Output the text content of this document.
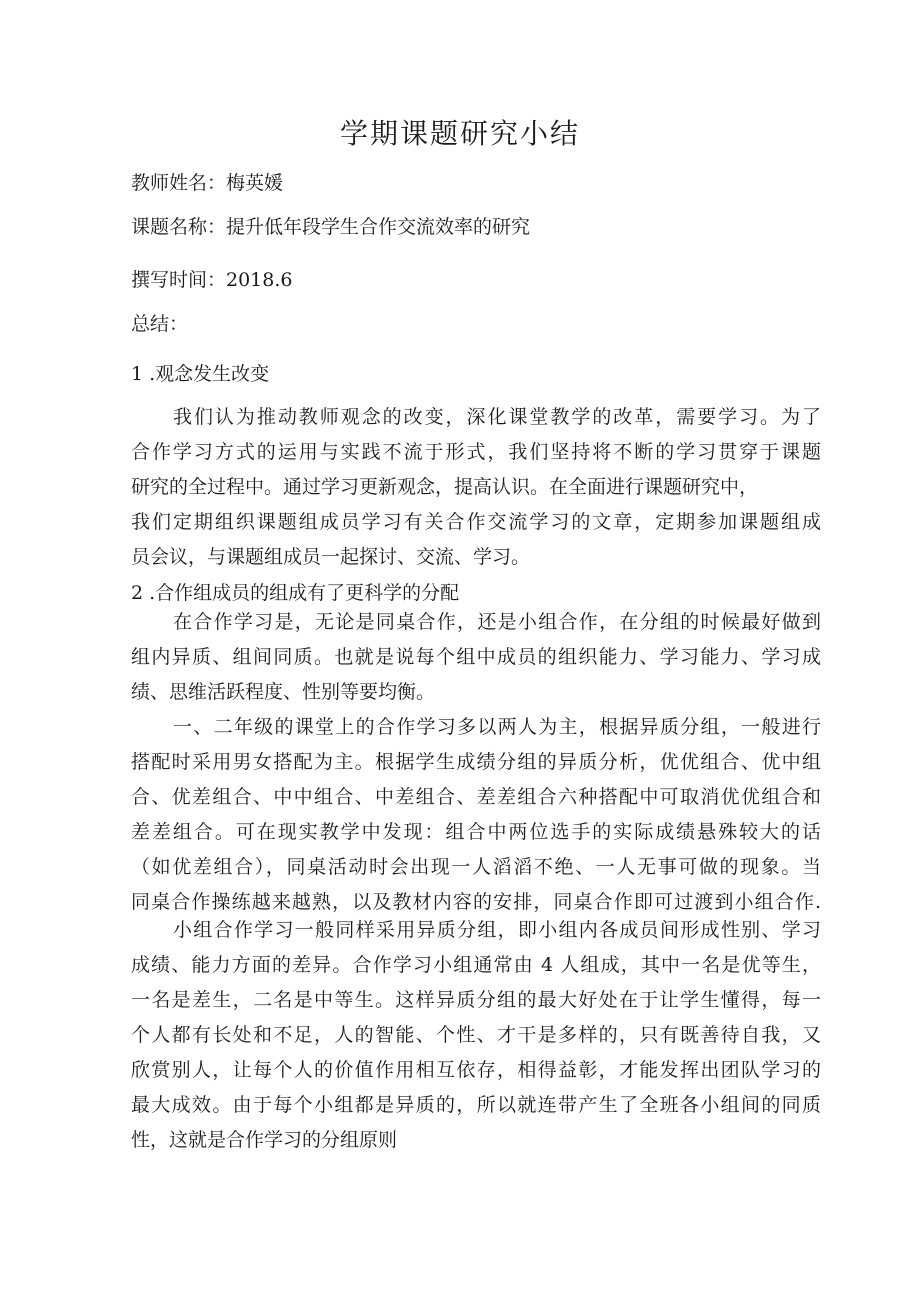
学期课题研究小结

教师姓名：梅英媛

课题名称：提升低年段学生合作交流效率的研究

撰写时间：2018.6

总结：

1 .观念发生改变

我们认为推动教师观念的改变，深化课堂教学的改革，需要学习。为了
合作学习方式的运用与实践不流于形式，我们坚持将不断的学习贯穿于课题
研究的全过程中。通过学习更新观念，提高认识。在全面进行课题研究中，
我们定期组织课题组成员学习有关合作交流学习的文章，定期参加课题组成
员会议，与课题组成员一起探讨、交流、学习。

2 .合作组成员的组成有了更科学的分配

在合作学习是，无论是同桌合作，还是小组合作，在分组的时候最好做到
组内异质、组间同质。也就是说每个组中成员的组织能力、学习能力、学习成
绩、思维活跃程度、性别等要均衡。
一、二年级的课堂上的合作学习多以两人为主，根据异质分组，一般进行
搭配时采用男女搭配为主。根据学生成绩分组的异质分析，优优组合、优中组
合、优差组合、中中组合、中差组合、差差组合六种搭配中可取消优优组合和
差差组合。可在现实教学中发现：组合中两位选手的实际成绩悬殊较大的话
（如优差组合），同桌活动时会出现一人滔滔不绝、一人无事可做的现象。当
同桌合作操练越来越熟，以及教材内容的安排，同桌合作即可过渡到小组合作.
小组合作学习一般同样采用异质分组，即小组内各成员间形成性别、学习
成绩、能力方面的差异。合作学习小组通常由 4 人组成，其中一名是优等生，
一名是差生，二名是中等生。这样异质分组的最大好处在于让学生懂得，每一
个人都有长处和不足，人的智能、个性、才干是多样的，只有既善待自我，又
欣赏别人，让每个人的价值作用相互依存，相得益彰，才能发挥出团队学习的
最大成效。由于每个小组都是异质的，所以就连带产生了全班各小组间的同质
性，这就是合作学习的分组原则
